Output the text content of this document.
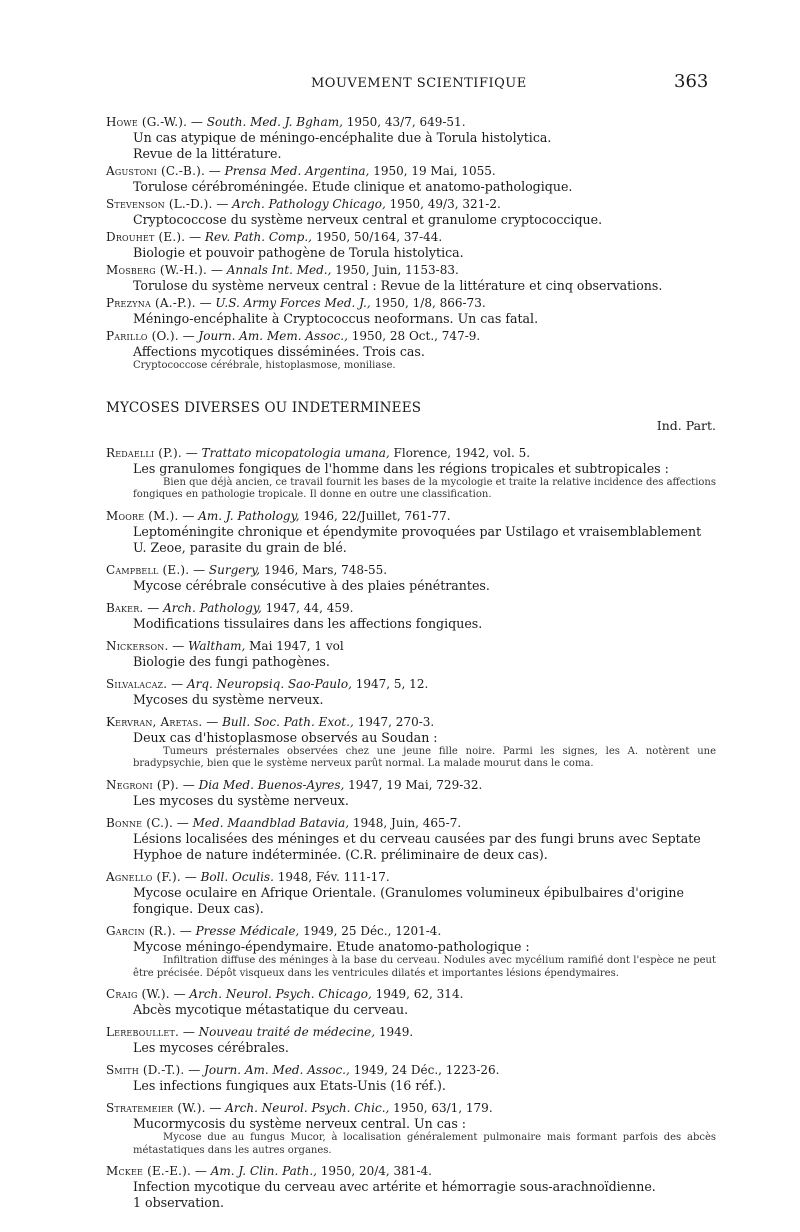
MOUVEMENT SCIENTIFIQUE	363

Howe (G.-W.). — South. Med. J. Bgham, 1950, 43/7, 649-51.

Un cas atypique de méningo-encéphalite due à Torula histolytica.

Revue de la littérature.

Agustoni (C.-B.). — Prensa Med. Argentina, 1950, 19 Mai, 1055.

Torulose cérébroméningée. Etude clinique et anatomo-pathologique.

Stevenson (L.-D.). — Arch. Pathology Chicago, 1950, 49/3, 321-2.

Cryptococcose du système nerveux central et granulome cryptococcique.

Drouhet (E.). — Rev. Path. Comp., 1950, 50/164, 37-44.

Biologie et pouvoir pathogène de Torula histolytica.

Mosberg (W.-H.). — Annals Int. Med., 1950, Juin, 1153-83.

Torulose du système nerveux central : Revue de la littérature et cinq observations.

Prezyna (A.-P.). — U.S. Army Forces Med. J., 1950, 1/8, 866-73.

Méningo-encéphalite à Cryptococcus neoformans. Un cas fatal.

Parillo (O.). — Journ. Am. Mem. Assoc., 1950, 28 Oct., 747-9.

Affections mycotiques disséminées. Trois cas.

Cryptococcose cérébrale, histoplasmose, moniliase.

MYCOSES DIVERSES OU INDETERMINEES
Ind. Part.

Redaelli (P.). — Trattato micopatologia umana, Florence, 1942, vol. 5.

Les granulomes fongiques de l'homme dans les régions tropicales et subtropicales :

Bien que déjà ancien, ce travail fournit les bases de la mycologie et traite la relative incidence des affections fongiques en pathologie tropicale. Il donne en outre une classification.

Moore (M.). — Am. J. Pathology, 1946, 22/Juillet, 761-77.

Leptoméningite chronique et épendymite provoquées par Ustilago et vraisemblablement U. Zeoe, parasite du grain de blé.

Campbell (E.). — Surgery, 1946, Mars, 748-55.

Mycose cérébrale consécutive à des plaies pénétrantes.

Baker. — Arch. Pathology, 1947, 44, 459.

Modifications tissulaires dans les affections fongiques.

Nickerson. — Waltham, Mai 1947, 1 vol

Biologie des fungi pathogènes.

Silvalacaz. — Arq. Neuropsiq. Sao-Paulo, 1947, 5, 12.

Mycoses du système nerveux.

Kervran, Aretas. — Bull. Soc. Path. Exot., 1947, 270-3.

Deux cas d'histoplasmose observés au Soudan :

Tumeurs présternales observées chez une jeune fille noire. Parmi les signes, les A. notèrent une bradypsychie, bien que le système nerveux parût normal. La malade mourut dans le coma.

Negroni (P). — Dia Med. Buenos-Ayres, 1947, 19 Mai, 729-32.

Les mycoses du système nerveux.

Bonne (C.). — Med. Maandblad Batavia, 1948, Juin, 465-7.

Lésions localisées des méninges et du cerveau causées par des fungi bruns avec Septate Hyphoe de nature indéterminée. (C.R. préliminaire de deux cas).

Agnello (F.). — Boll. Oculis. 1948, Fév. 111-17.

Mycose oculaire en Afrique Orientale. (Granulomes volumineux épibulbaires d'origine fongique. Deux cas).

Garcin (R.). — Presse Médicale, 1949, 25 Déc., 1201-4.

Mycose méningo-épendymaire. Etude anatomo-pathologique :

Infiltration diffuse des méninges à la base du cerveau. Nodules avec mycélium ramifié dont l'espèce ne peut être précisée. Dépôt visqueux dans les ventricules dilatés et importantes lésions épendymaires.

Craig (W.). — Arch. Neurol. Psych. Chicago, 1949, 62, 314.

Abcès mycotique métastatique du cerveau.

Lereboullet. — Nouveau traité de médecine, 1949.

Les mycoses cérébrales.

Smith (D.-T.). — Journ. Am. Med. Assoc., 1949, 24 Déc., 1223-26.

Les infections fungiques aux Etats-Unis (16 réf.).

Stratemeier (W.). — Arch. Neurol. Psych. Chic., 1950, 63/1, 179.

Mucormycosis du système nerveux central. Un cas :

Mycose due au fungus Mucor, à localisation généralement pulmonaire mais formant parfois des abcès métastatiques dans les autres organes.

Mckee (E.-E.). — Am. J. Clin. Path., 1950, 20/4, 381-4.

Infection mycotique du cerveau avec artérite et hémorragie sous-arachnoïdienne.

1 observation.
